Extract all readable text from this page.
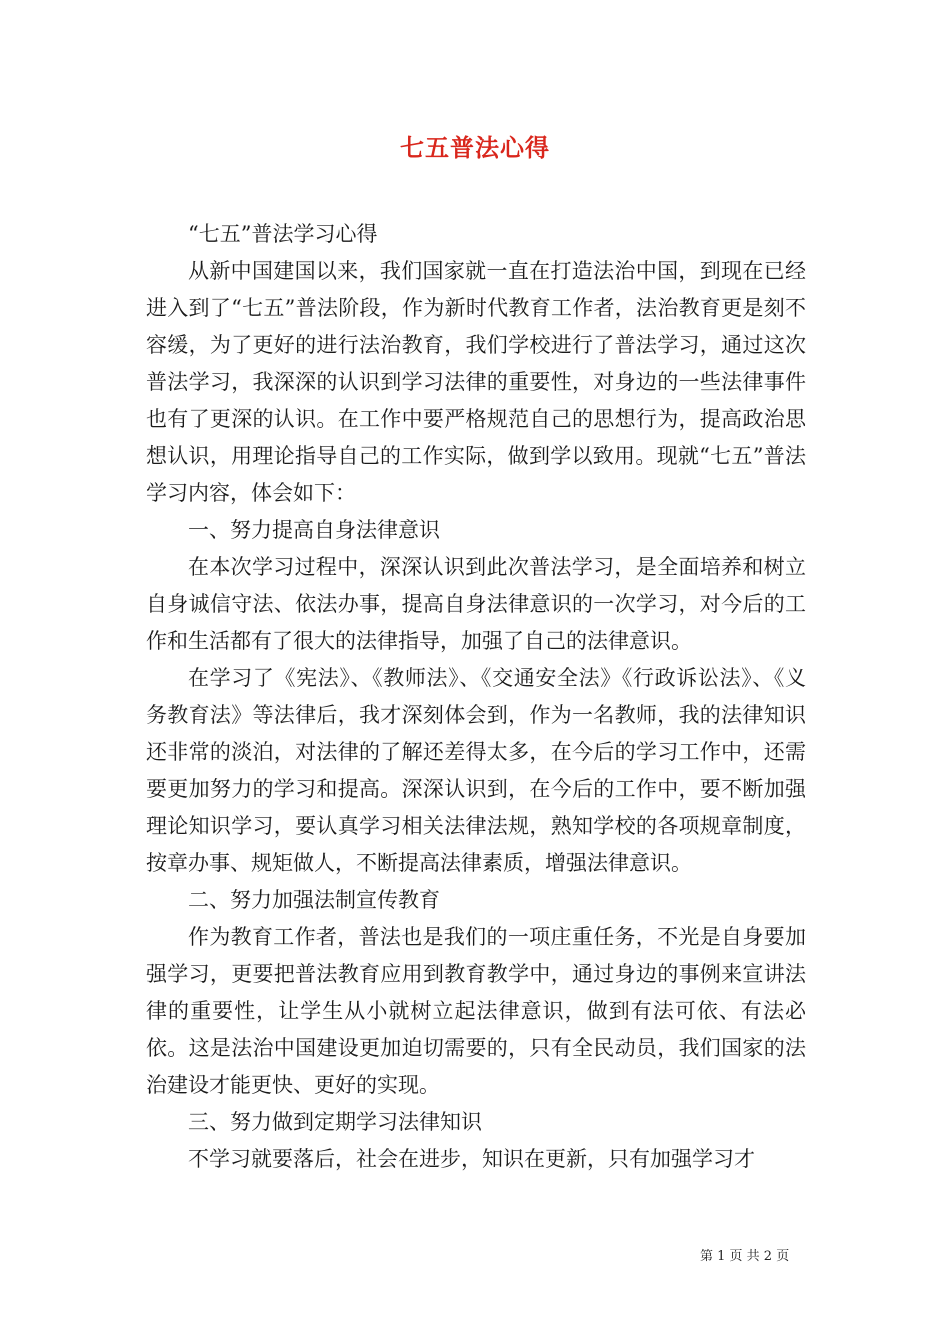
七五普法心得

“七五”普法学习心得

从新中国建国以来，我们国家就一直在打造法治中国，到现在已经进入到了“七五”普法阶段，作为新时代教育工作者，法治教育更是刻不容缓，为了更好的进行法治教育，我们学校进行了普法学习，通过这次普法学习，我深深的认识到学习法律的重要性，对身边的一些法律事件也有了更深的认识。在工作中要严格规范自己的思想行为，提高政治思想认识，用理论指导自己的工作实际，做到学以致用。现就“七五”普法学习内容，体会如下：

一、努力提高自身法律意识

在本次学习过程中，深深认识到此次普法学习，是全面培养和树立自身诚信守法、依法办事，提高自身法律意识的一次学习，对今后的工作和生活都有了很大的法律指导，加强了自己的法律意识。

在学习了《宪法》、《教师法》、《交通安全法》《行政诉讼法》、《义务教育法》等法律后，我才深刻体会到，作为一名教师，我的法律知识还非常的淡泊，对法律的了解还差得太多，在今后的学习工作中，还需要更加努力的学习和提高。深深认识到，在今后的工作中，要不断加强理论知识学习，要认真学习相关法律法规，熟知学校的各项规章制度，按章办事、规矩做人，不断提高法律素质，增强法律意识。

二、努力加强法制宣传教育

作为教育工作者，普法也是我们的一项庄重任务，不光是自身要加强学习，更要把普法教育应用到教育教学中，通过身边的事例来宣讲法律的重要性，让学生从小就树立起法律意识，做到有法可依、有法必依。这是法治中国建设更加迫切需要的，只有全民动员，我们国家的法治建设才能更快、更好的实现。

三、努力做到定期学习法律知识

不学习就要落后，社会在进步，知识在更新，只有加强学习才

第 1 页 共 2 页
